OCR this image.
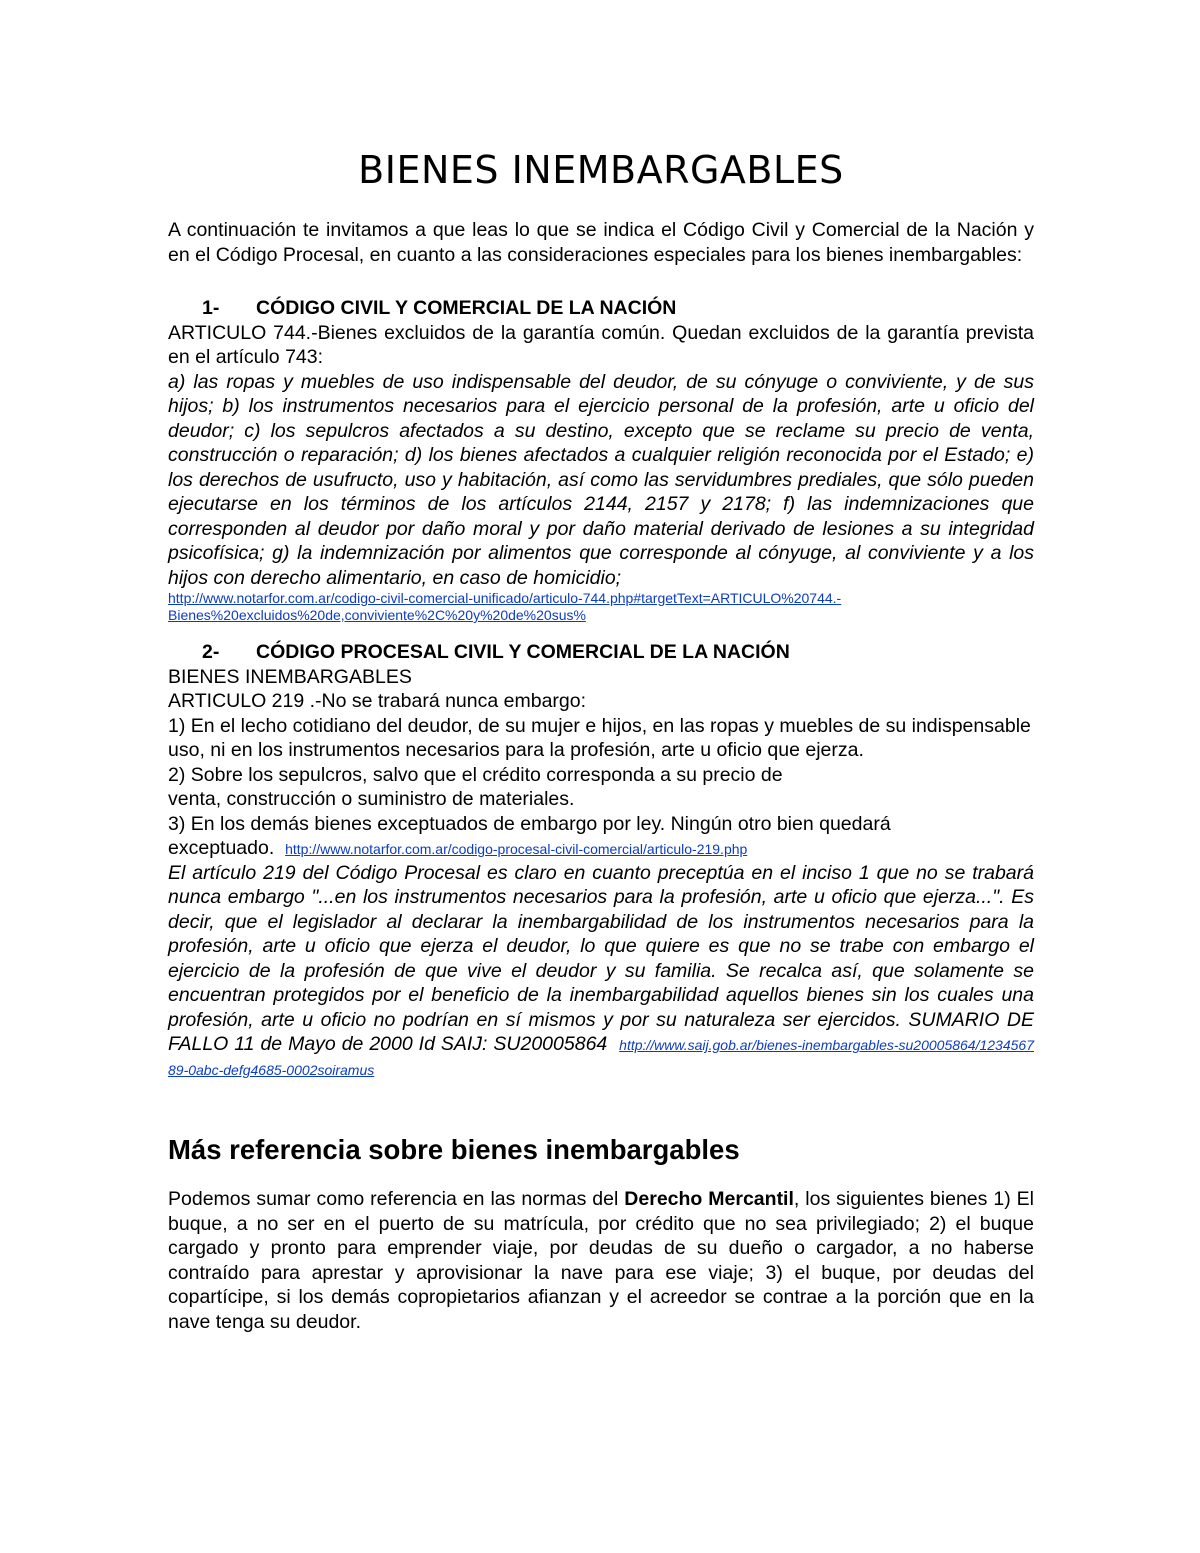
BIENES INEMBARGABLES

A continuación te invitamos a que leas lo que se indica el Código Civil y Comercial de la Nación y en el Código Procesal, en cuanto a las consideraciones especiales para los bienes inembargables:

1- CÓDIGO CIVIL Y COMERCIAL DE LA NACIÓN

ARTICULO 744.-Bienes excluidos de la garantía común. Quedan excluidos de la garantía prevista en el artículo 743:

a) las ropas y muebles de uso indispensable del deudor, de su cónyuge o conviviente, y de sus hijos; b) los instrumentos necesarios para el ejercicio personal de la profesión, arte u oficio del deudor; c) los sepulcros afectados a su destino, excepto que se reclame su precio de venta, construcción o reparación; d) los bienes afectados a cualquier religión reconocida por el Estado; e) los derechos de usufructo, uso y habitación, así como las servidumbres prediales, que sólo pueden ejecutarse en los términos de los artículos 2144, 2157 y 2178; f) las indemnizaciones que corresponden al deudor por daño moral y por daño material derivado de lesiones a su integridad psicofísica; g) la indemnización por alimentos que corresponde al cónyuge, al conviviente y a los hijos con derecho alimentario, en caso de homicidio;

http://www.notarfor.com.ar/codigo-civil-comercial-unificado/articulo-744.php#targetText=ARTICULO%20744.-
Bienes%20excluidos%20de,conviviente%2C%20y%20de%20sus%
2- CÓDIGO PROCESAL CIVIL Y COMERCIAL DE LA NACIÓN

BIENES INEMBARGABLES

ARTICULO 219 .-No se trabará nunca embargo:

1) En el lecho cotidiano del deudor, de su mujer e hijos, en las ropas y muebles de su indispensable uso, ni en los instrumentos necesarios para la profesión, arte u oficio que ejerza.

2) Sobre los sepulcros, salvo que el crédito corresponda a su precio de

venta, construcción o suministro de materiales.

3) En los demás bienes exceptuados de embargo por ley. Ningún otro bien quedará exceptuado. http://www.notarfor.com.ar/codigo-procesal-civil-comercial/articulo-219.php

El artículo 219 del Código Procesal es claro en cuanto preceptúa en el inciso 1 que no se trabará nunca embargo "...en los instrumentos necesarios para la profesión, arte u oficio que ejerza...". Es decir, que el legislador al declarar la inembargabilidad de los instrumentos necesarios para la profesión, arte u oficio que ejerza el deudor, lo que quiere es que no se trabe con embargo el ejercicio de la profesión de que vive el deudor y su familia. Se recalca así, que solamente se encuentran protegidos por el beneficio de la inembargabilidad aquellos bienes sin los cuales una profesión, arte u oficio no podrían en sí mismos y por su naturaleza ser ejercidos. SUMARIO DE FALLO 11 de Mayo de 2000 Id SAIJ: SU20005864 http://www.saij.gob.ar/bienes-inembargables-su20005864/123456789-0abc-defg4685-0002soiramus

Más referencia sobre bienes inembargables

Podemos sumar como referencia en las normas del Derecho Mercantil, los siguientes bienes 1) El buque, a no ser en el puerto de su matrícula, por crédito que no sea privilegiado; 2) el buque cargado y pronto para emprender viaje, por deudas de su dueño o cargador, a no haberse contraído para aprestar y aprovisionar la nave para ese viaje; 3) el buque, por deudas del copartícipe, si los demás copropietarios afianzan y el acreedor se contrae a la porción que en la nave tenga su deudor.
